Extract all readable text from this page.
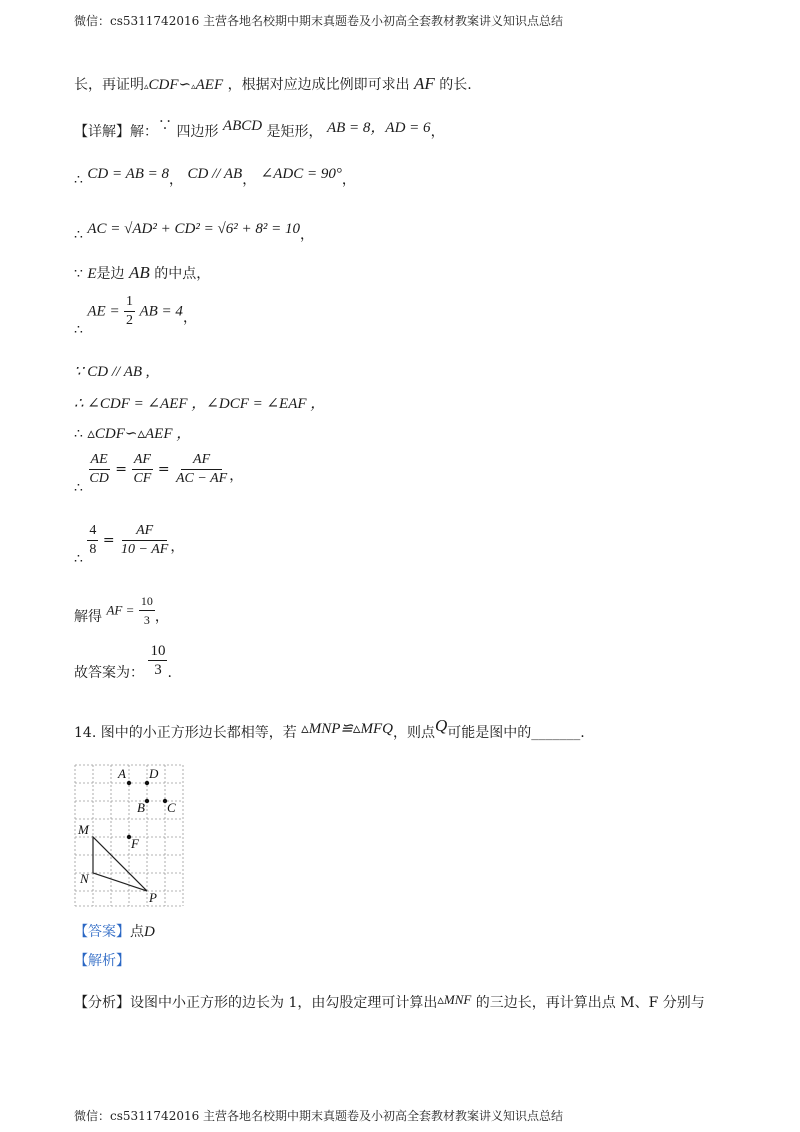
微信：cs5311742016 主营各地名校期中期末真题卷及小初高全套教材教案讲义知识点总结
微信：cs5311742016 主营各地名校期中期末真题卷及小初高全套教材教案讲义知识点总结
长，再证明▵CDF∽▵AEF ，根据对应边成比例即可求出 AF 的长.
【详解】解：∵ 四边形 ABCD 是矩形， AB = 8，AD = 6，
∴ CD = AB = 8， CD // AB， ∠ADC = 90°，
∴ AC = √AD² + CD² = √6² + 8² = 10，
∵ E是边 AB 的中点，
∴ AE = $\frac{1}{2}$ AB = 4，
∵ CD // AB ,
∴ ∠CDF = ∠AEF ，∠DCF = ∠EAF ，
∴ ▵CDF∽▵AEF ，
∴ $\frac{AE}{CD} = \frac{AF}{CF} = \frac{AF}{AC - AF}$ ，
∴ $\frac{4}{8} = \frac{AF}{10 - AF}$ ，
解得 AF = $\frac{10}{3}$ ，
故答案为： $\frac{10}{3}$ .
14. 图中的小正方形边长都相等，若 ▵MNP≌▵MFQ，则点Q可能是图中的_______.
A D
B C
M
F
N
P
【答案】点D
【解析】
【分析】设图中小正方形的边长为 1，由勾股定理可计算出▵MNF 的三边长，再计算出点 M、F 分别与
